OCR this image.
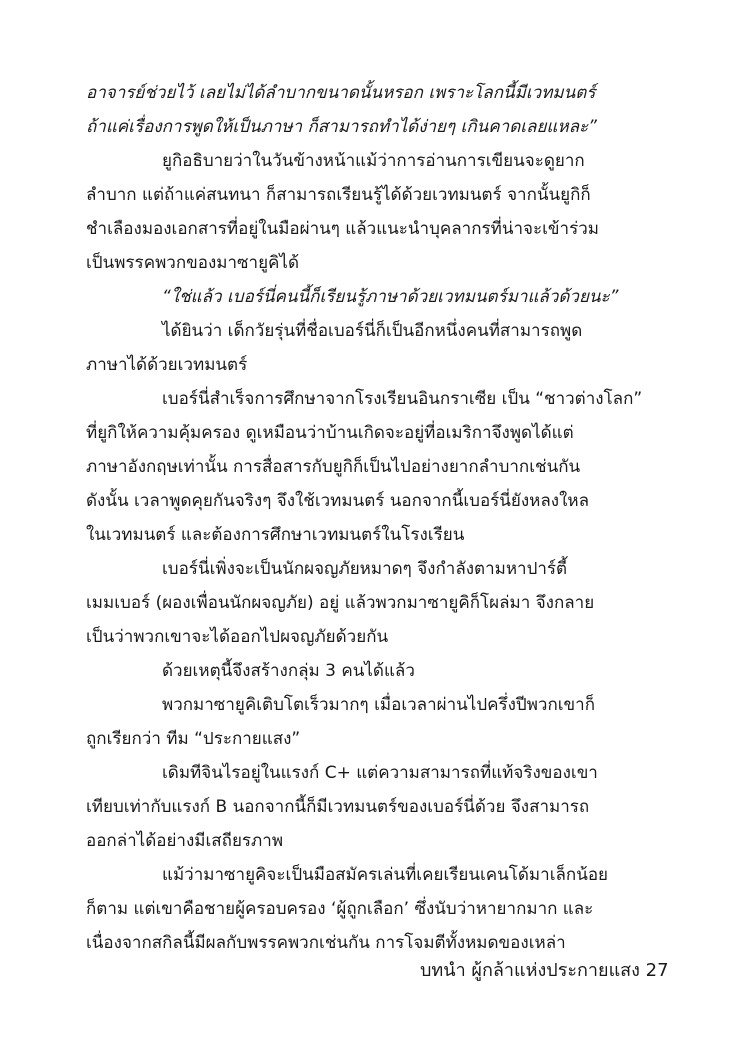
อาจารย์ช่วยไว้ เลยไม่ได้ลำบากขนาดนั้นหรอก เพราะโลกนี้มีเวทมนตร์
ถ้าแค่เรื่องการพูดให้เป็นภาษา ก็สามารถทำได้ง่ายๆ เกินคาดเลยแหละ”
ยูกิอธิบายว่าในวันข้างหน้าแม้ว่าการอ่านการเขียนจะดูยาก
ลำบาก แต่ถ้าแค่สนทนา ก็สามารถเรียนรู้ได้ด้วยเวทมนตร์ จากนั้นยูกิก็
ชำเลืองมองเอกสารที่อยู่ในมือผ่านๆ แล้วแนะนำบุคลากรที่น่าจะเข้าร่วม
เป็นพรรคพวกของมาซายูคิได้
“ใช่แล้ว เบอร์นี่คนนี้ก็เรียนรู้ภาษาด้วยเวทมนตร์มาแล้วด้วยนะ”
ได้ยินว่า เด็กวัยรุ่นที่ชื่อเบอร์นี่ก็เป็นอีกหนึ่งคนที่สามารถพูด
ภาษาได้ด้วยเวทมนตร์
เบอร์นี่สำเร็จการศึกษาจากโรงเรียนอินกราเซีย เป็น “ชาวต่างโลก”
ที่ยูกิให้ความคุ้มครอง ดูเหมือนว่าบ้านเกิดจะอยู่ที่อเมริกาจึงพูดได้แต่
ภาษาอังกฤษเท่านั้น การสื่อสารกับยูกิก็เป็นไปอย่างยากลำบากเช่นกัน
ดังนั้น เวลาพูดคุยกันจริงๆ จึงใช้เวทมนตร์ นอกจากนี้เบอร์นี่ยังหลงใหล
ในเวทมนตร์ และต้องการศึกษาเวทมนตร์ในโรงเรียน
เบอร์นี่เพิ่งจะเป็นนักผจญภัยหมาดๆ จึงกำลังตามหาปาร์ตี้
เมมเบอร์ (ผองเพื่อนนักผจญภัย) อยู่ แล้วพวกมาซายูคิก็โผล่มา จึงกลาย
เป็นว่าพวกเขาจะได้ออกไปผจญภัยด้วยกัน
ด้วยเหตุนี้จึงสร้างกลุ่ม 3 คนได้แล้ว
พวกมาซายูคิเติบโตเร็วมากๆ เมื่อเวลาผ่านไปครึ่งปีพวกเขาก็
ถูกเรียกว่า ทีม “ประกายแสง”
เดิมทีจินไรอยู่ในแรงก์ C+ แต่ความสามารถที่แท้จริงของเขา
เทียบเท่ากับแรงก์ B นอกจากนี้ก็มีเวทมนตร์ของเบอร์นี่ด้วย จึงสามารถ
ออกล่าได้อย่างมีเสถียรภาพ
แม้ว่ามาซายูคิจะเป็นมือสมัครเล่นที่เคยเรียนเคนโด้มาเล็กน้อย
ก็ตาม แต่เขาคือชายผู้ครอบครอง ‘ผู้ถูกเลือก’ ซึ่งนับว่าหายากมาก และ
เนื่องจากสกิลนี้มีผลกับพรรคพวกเช่นกัน การโจมตีทั้งหมดของเหล่า
บทนำ ผู้กล้าแห่งประกายแสง 27
